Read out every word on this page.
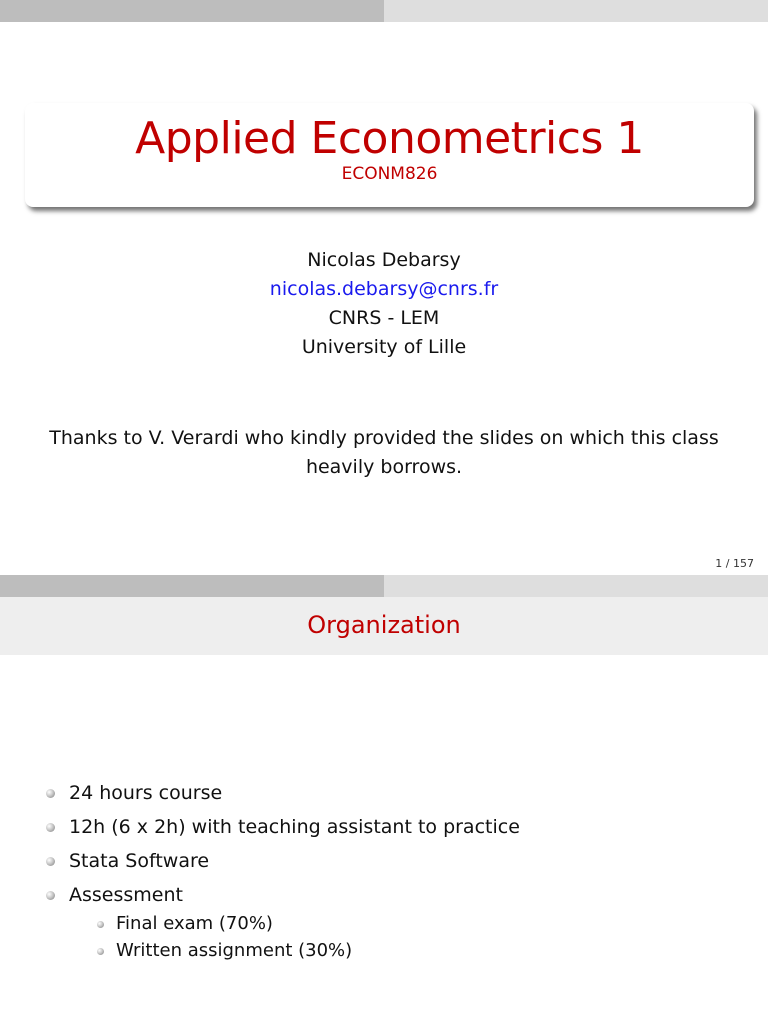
Applied Econometrics 1
ECONM826
Nicolas Debarsy
nicolas.debarsy@cnrs.fr
CNRS - LEM
University of Lille
Thanks to V. Verardi who kindly provided the slides on which this class heavily borrows.
1 / 157
Organization
24 hours course
12h (6 x 2h) with teaching assistant to practice
Stata Software
Assessment
Final exam (70%)
Written assignment (30%)
